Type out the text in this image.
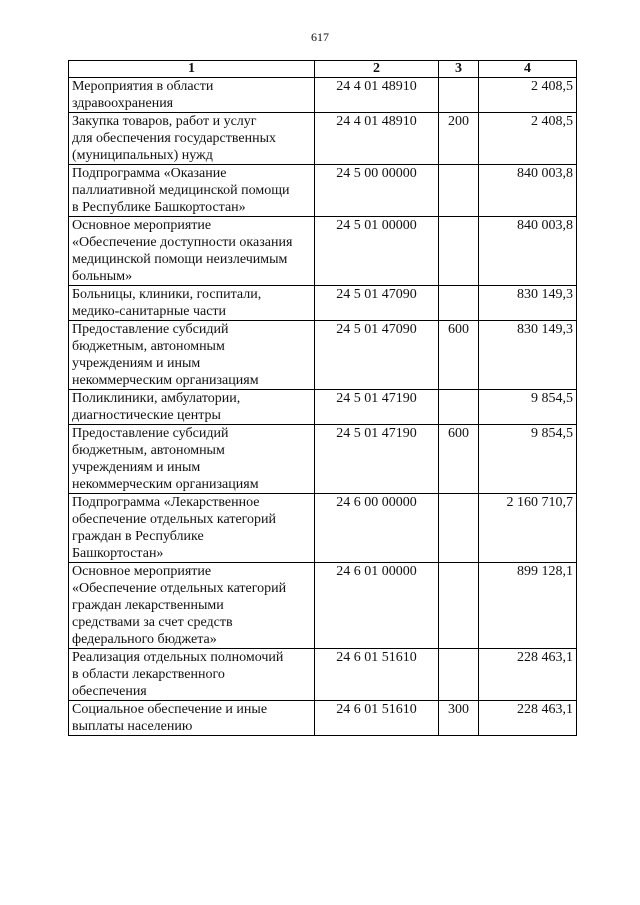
617
1	2	3	4

Мероприятия в области
здравоохранения	24 4 01 48910		2 408,5

Закупка товаров, работ и услуг
для обеспечения государственных
(муниципальных) нужд	24 4 01 48910	200	2 408,5

Подпрограмма «Оказание
паллиативной медицинской помощи
в Республике Башкортостан»	24 5 00 00000		840 003,8

Основное мероприятие
«Обеспечение доступности оказания
медицинской помощи неизлечимым
больным»	24 5 01 00000		840 003,8

Больницы, клиники, госпитали,
медико-санитарные части	24 5 01 47090		830 149,3

Предоставление субсидий
бюджетным, автономным
учреждениям и иным
некоммерческим организациям	24 5 01 47090	600	830 149,3

Поликлиники, амбулатории,
диагностические центры	24 5 01 47190		9 854,5

Предоставление субсидий
бюджетным, автономным
учреждениям и иным
некоммерческим организациям	24 5 01 47190	600	9 854,5

Подпрограмма «Лекарственное
обеспечение отдельных категорий
граждан в Республике
Башкортостан»	24 6 00 00000		2 160 710,7

Основное мероприятие
«Обеспечение отдельных категорий
граждан лекарственными
средствами за счет средств
федерального бюджета»	24 6 01 00000		899 128,1

Реализация отдельных полномочий
в области лекарственного
обеспечения	24 6 01 51610		228 463,1

Социальное обеспечение и иные
выплаты населению	24 6 01 51610	300	228 463,1
